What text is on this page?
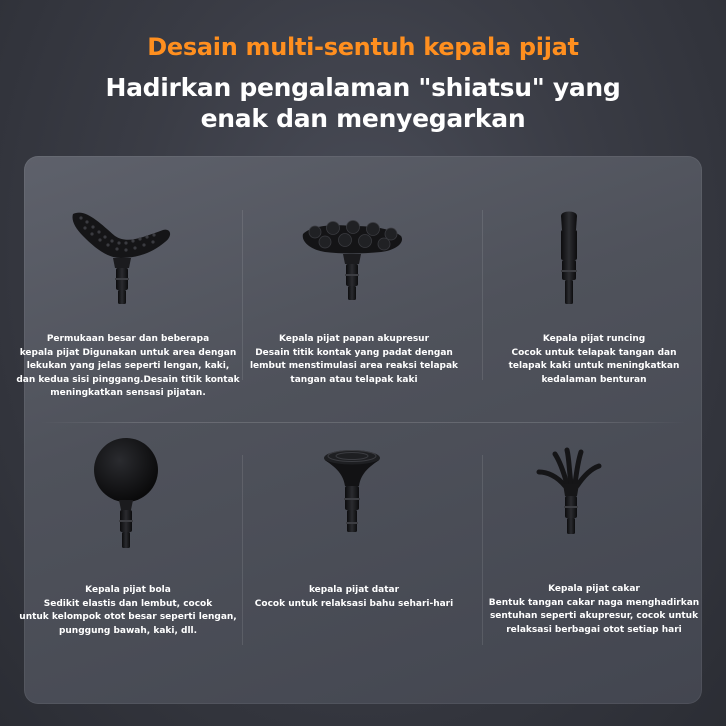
Desain multi-sentuh kepala pijat
Hadirkan pengalaman "shiatsu" yang
enak dan menyegarkan
Permukaan besar dan beberapa
kepala pijat Digunakan untuk area dengan
lekukan yang jelas seperti lengan, kaki,
dan kedua sisi pinggang.Desain titik kontak
meningkatkan sensasi pijatan.
Kepala pijat papan akupresur
Desain titik kontak yang padat dengan
lembut menstimulasi area reaksi telapak
tangan atau telapak kaki
Kepala pijat runcing
Cocok untuk telapak tangan dan
telapak kaki untuk meningkatkan
kedalaman benturan
Kepala pijat bola
Sedikit elastis dan lembut, cocok
untuk kelompok otot besar seperti lengan,
punggung bawah, kaki, dll.
kepala pijat datar
Cocok untuk relaksasi bahu sehari-hari
Kepala pijat cakar
Bentuk tangan cakar naga menghadirkan
sentuhan seperti akupresur, cocok untuk
relaksasi berbagai otot setiap hari
